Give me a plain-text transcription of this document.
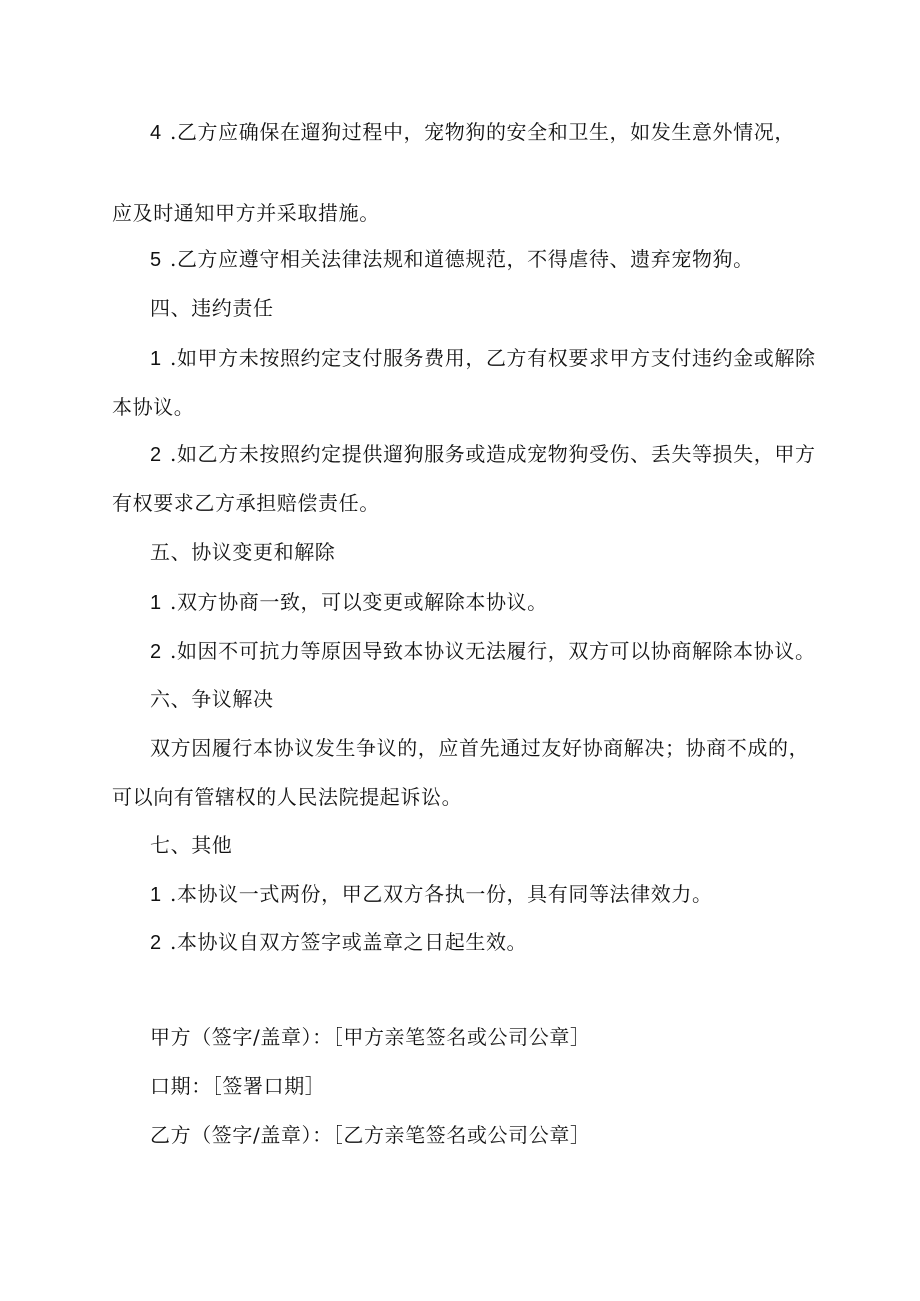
4 .乙方应确保在遛狗过程中，宠物狗的安全和卫生，如发生意外情况，
应及时通知甲方并采取措施。
5 .乙方应遵守相关法律法规和道德规范，不得虐待、遗弃宠物狗。
四、违约责任
1 .如甲方未按照约定支付服务费用，乙方有权要求甲方支付违约金或解除
本协议。
2 .如乙方未按照约定提供遛狗服务或造成宠物狗受伤、丢失等损失，甲方
有权要求乙方承担赔偿责任。
五、协议变更和解除
1 .双方协商一致，可以变更或解除本协议。
2 .如因不可抗力等原因导致本协议无法履行，双方可以协商解除本协议。
六、争议解决
双方因履行本协议发生争议的，应首先通过友好协商解决；协商不成的，
可以向有管辖权的人民法院提起诉讼。
七、其他
1 .本协议一式两份，甲乙双方各执一份，具有同等法律效力。
2 .本协议自双方签字或盖章之日起生效。
甲方（签字/盖章）：［甲方亲笔签名或公司公章］
口期：［签署口期］
乙方（签字/盖章）：［乙方亲笔签名或公司公章］
